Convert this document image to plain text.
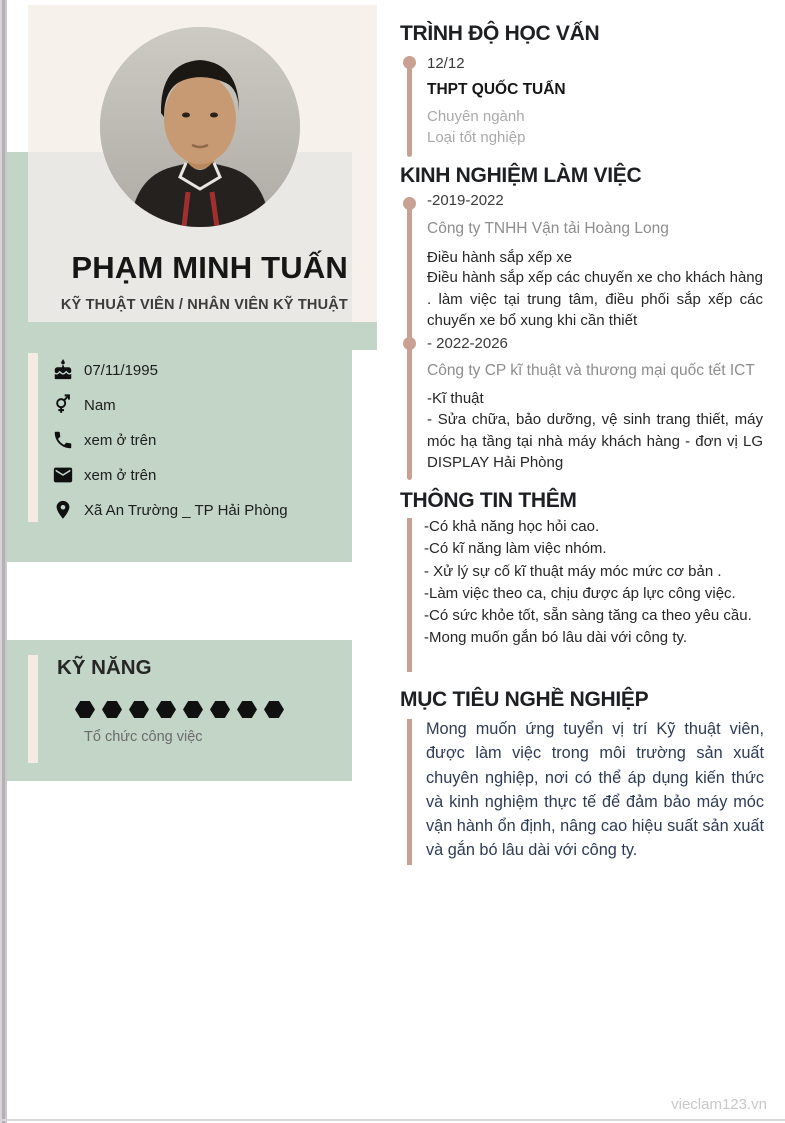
PHẠM MINH TUẤN
KỸ THUẬT VIÊN / NHÂN VIÊN KỸ THUẬT
07/11/1995
Nam
xem ở trên
xem ở trên
Xã An Trường _ TP Hải Phòng
KỸ NĂNG
Tổ chức công việc
TRÌNH ĐỘ HỌC VẤN
12/12
THPT QUỐC TUẤN
Chuyên ngành
Loại tốt nghiệp
KINH NGHIỆM LÀM VIỆC
-2019-2022
Công ty TNHH Vận tải Hoàng Long
Điều hành sắp xếp xe
Điều hành sắp xếp các chuyến xe cho khách hàng . làm việc tại trung tâm, điều phối sắp xếp các chuyến xe bổ xung khi cần thiết
- 2022-2026
Công ty CP kĩ thuật và thương mại quốc tết ICT
-Kĩ thuật
- Sửa chữa, bảo dưỡng, vệ sinh trang thiết, máy móc hạ tầng tại nhà máy khách hàng - đơn vị LG DISPLAY Hải Phòng
THÔNG TIN THÊM
-Có khả năng học hỏi cao.
-Có kĩ năng làm việc nhóm.
- Xử lý sự cố kĩ thuật máy móc mức cơ bản .
-Làm việc theo ca, chịu được áp lực công việc.
-Có sức khỏe tốt, sẵn sàng tăng ca theo yêu cầu.
-Mong muốn gắn bó lâu dài với công ty.
MỤC TIÊU NGHỀ NGHIỆP
Mong muốn ứng tuyển vị trí Kỹ thuật viên, được làm việc trong môi trường sản xuất chuyên nghiệp, nơi có thể áp dụng kiến thức và kinh nghiệm thực tế để đảm bảo máy móc vận hành ổn định, nâng cao hiệu suất sản xuất và gắn bó lâu dài với công ty.
vieclam123.vn
